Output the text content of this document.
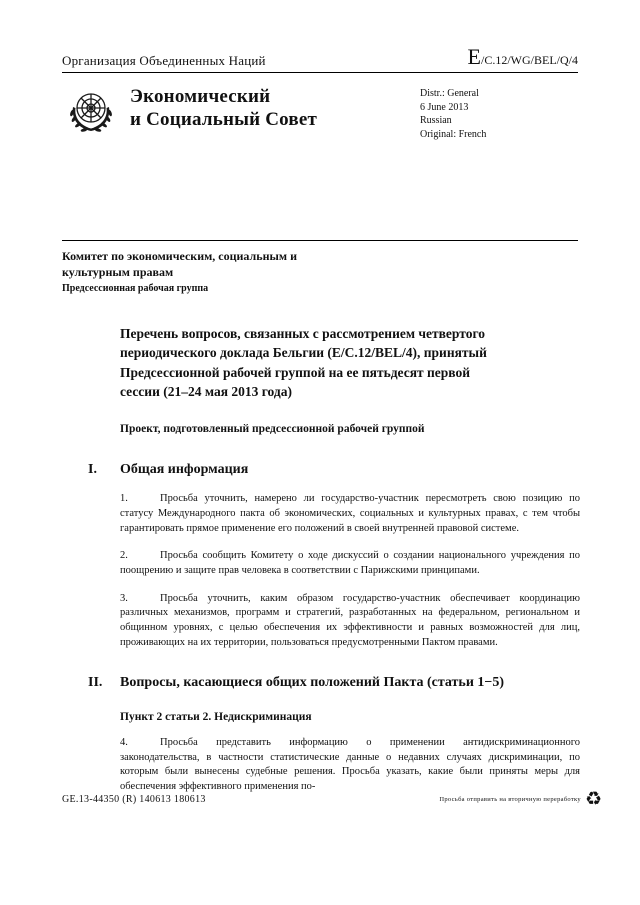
Организация Объединенных Наций	E/C.12/WG/BEL/Q/4
Экономический
и Социальный Совет
Distr.: General
6 June 2013
Russian
Original: French
Комитет по экономическим, социальным и культурным правам
Предсессионная рабочая группа
Перечень вопросов, связанных с рассмотрением четвертого периодического доклада Бельгии (E/C.12/BEL/4), принятый Предсессионной рабочей группой на ее пятьдесят первой сессии (21–24 мая 2013 года)
Проект, подготовленный предсессионной рабочей группой
I.	Общая информация
1.	Просьба уточнить, намерено ли государство-участник пересмотреть свою позицию по статусу Международного пакта об экономических, социальных и культурных правах, с тем чтобы гарантировать прямое применение его положений в своей внутренней правовой системе.
2.	Просьба сообщить Комитету о ходе дискуссий о создании национального учреждения по поощрению и защите прав человека в соответствии с Парижскими принципами.
3.	Просьба уточнить, каким образом государство-участник обеспечивает координацию различных механизмов, программ и стратегий, разработанных на федеральном, региональном и общинном уровнях, с целью обеспечения их эффективности и равных возможностей для лиц, проживающих на их территории, пользоваться предусмотренными Пактом правами.
II.	Вопросы, касающиеся общих положений Пакта (статьи 1−5)
Пункт 2 статьи 2. Недискриминация
4.	Просьба представить информацию о применении антидискриминационного законодательства, в частности статистические данные о недавних случаях дискриминации, по которым были вынесены судебные решения. Просьба указать, какие были приняты меры для обеспечения эффективного применения по-
GE.13-44350 (R) 140613 180613	Просьба отправить на вторичную переработку ♻
